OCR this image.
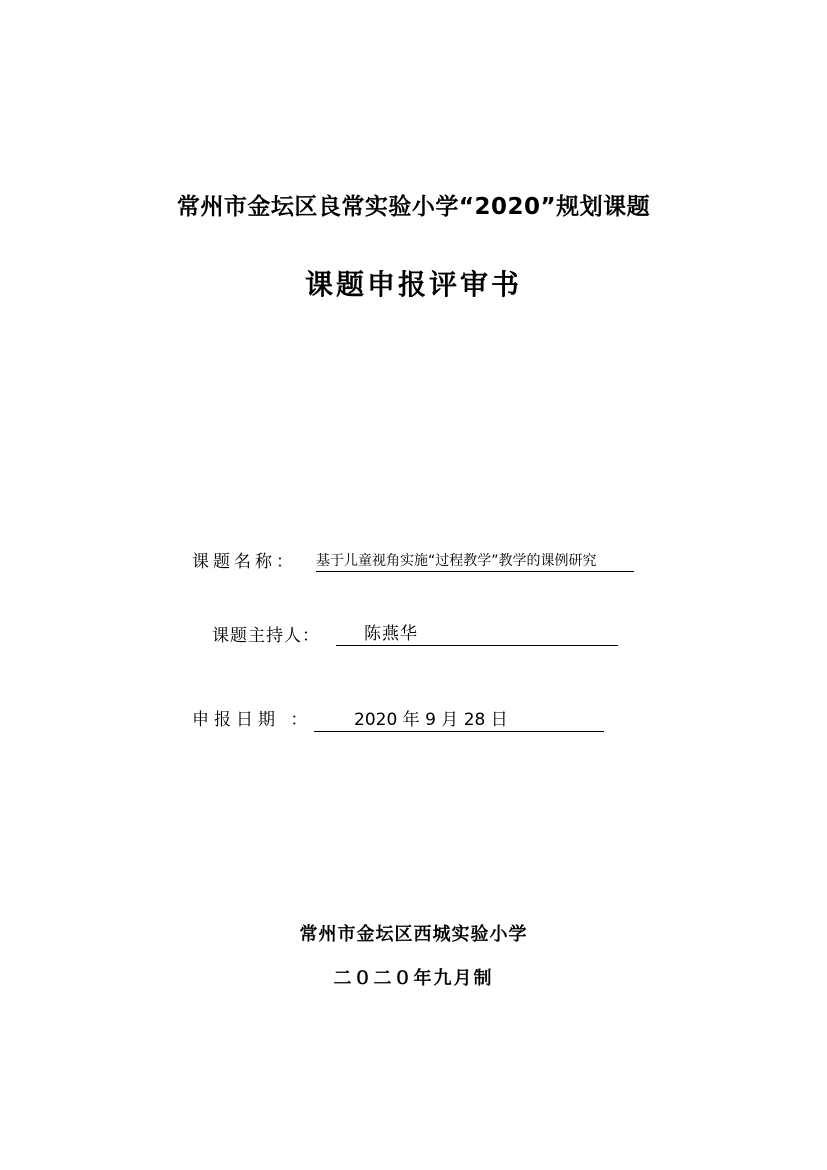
常州市金坛区良常实验小学“2020”规划课题
课题申报评审书
课题名称： 基于儿童视角实施“过程教学”教学的课例研究
课题主持人：	陈燕华
申报日期 ：	2020 年 9 月 28 日
常州市金坛区西城实验小学
二０二０年九月制
